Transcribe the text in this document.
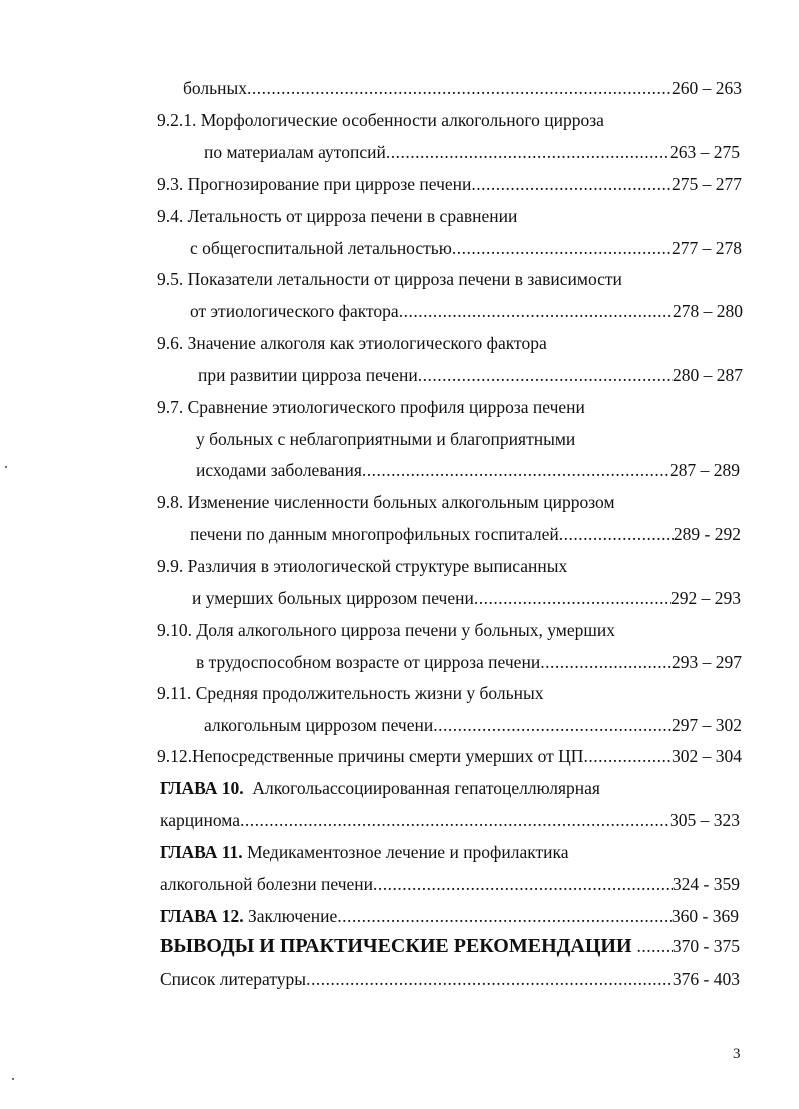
больных .....	260 – 263
9.2.1. Морфологические особенности алкогольного цирроза
по материалам аутопсий .....	263 – 275
9.3. Прогнозирование при циррозе печени .....	275 – 277
9.4. Летальность от цирроза печени в сравнении
с общегоспитальной летальностью .....	277 – 278
9.5. Показатели летальности от цирроза печени в зависимости
от этиологического фактора .....	278 – 280
9.6. Значение алкоголя как этиологического фактора
при развитии цирроза печени .....	280 – 287
9.7. Сравнение этиологического профиля цирроза печени
у больных с неблагоприятными и благоприятными
исходами заболевания .....	287 – 289
9.8. Изменение численности больных алкогольным циррозом
печени по данным многопрофильных госпиталей .....	289 - 292
9.9. Различия в этиологической структуре выписанных
и умерших больных циррозом печени .....	292 – 293
9.10. Доля алкогольного цирроза печени у больных, умерших
в трудоспособном возрасте от цирроза печени .....	293 – 297
9.11. Средняя продолжительность жизни у больных
алкогольным циррозом печени .....	297 – 302
9.12.Непосредственные причины смерти умерших от ЦП .....	302 – 304
ГЛАВА 10.  Алкогольассоциированная гепатоцеллюлярная
карцинома .....	305 – 323
ГЛАВА 11. Медикаментозное лечение и профилактика
алкогольной болезни печени .....	324 - 359
ГЛАВА 12. Заключение .....	360 - 369
ВЫВОДЫ И ПРАКТИЧЕСКИЕ РЕКОМЕНДАЦИИ ..... 370 - 375
Список литературы .....	376 - 403
3
